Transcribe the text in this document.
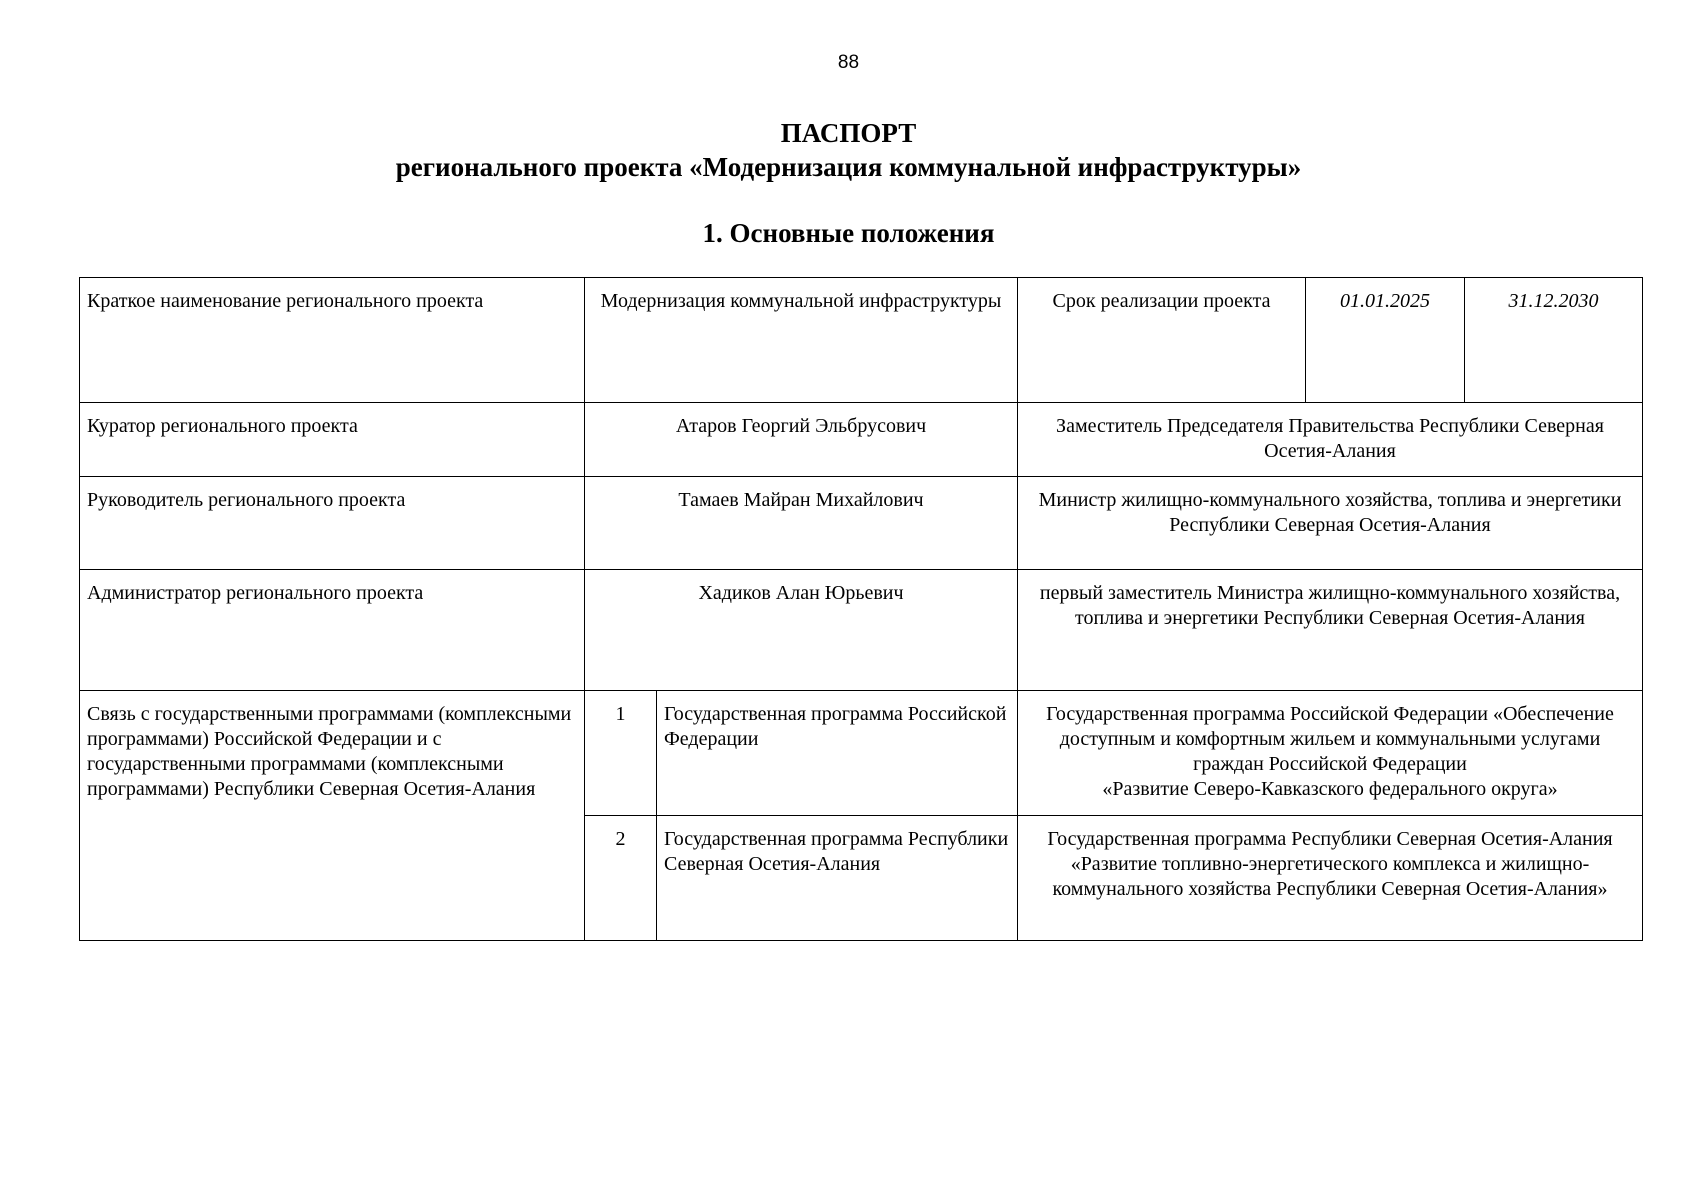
88
ПАСПОРТ
регионального проекта «Модернизация коммунальной инфраструктуры»
1. Основные положения
Краткое наименование регионального проекта	Модернизация коммунальной инфраструктуры		Срок реализации проекта	01.01.2025	31.12.2030
Куратор регионального проекта	Атаров Георгий Эльбрусович		Заместитель Председателя Правительства Республики Северная Осетия-Алания		
Руководитель регионального проекта	Тамаев Майран Михайлович		Министр жилищно-коммунального хозяйства, топлива и энергетики Республики Северная Осетия-Алания		
Администратор регионального проекта	Хадиков Алан Юрьевич		первый заместитель Министра жилищно-коммунального хозяйства, топлива и энергетики Республики Северная Осетия-Алания		
Связь с государственными программами (комплексными программами) Российской Федерации и с государственными программами (комплексными программами) Республики Северная Осетия-Алания	1	Государственная программа Российской Федерации	Государственная программа Российской Федерации «Обеспечение доступным и комфортным жильем и коммунальными услугами граждан Российской Федерации
«Развитие Северо-Кавказского федерального округа»		

	2	Государственная программа Республики Северная Осетия-Алания	Государственная программа Республики Северная Осетия-Алания «Развитие топливно-энергетического комплекса и жилищно-коммунального хозяйства Республики Северная Осетия-Алания»		
